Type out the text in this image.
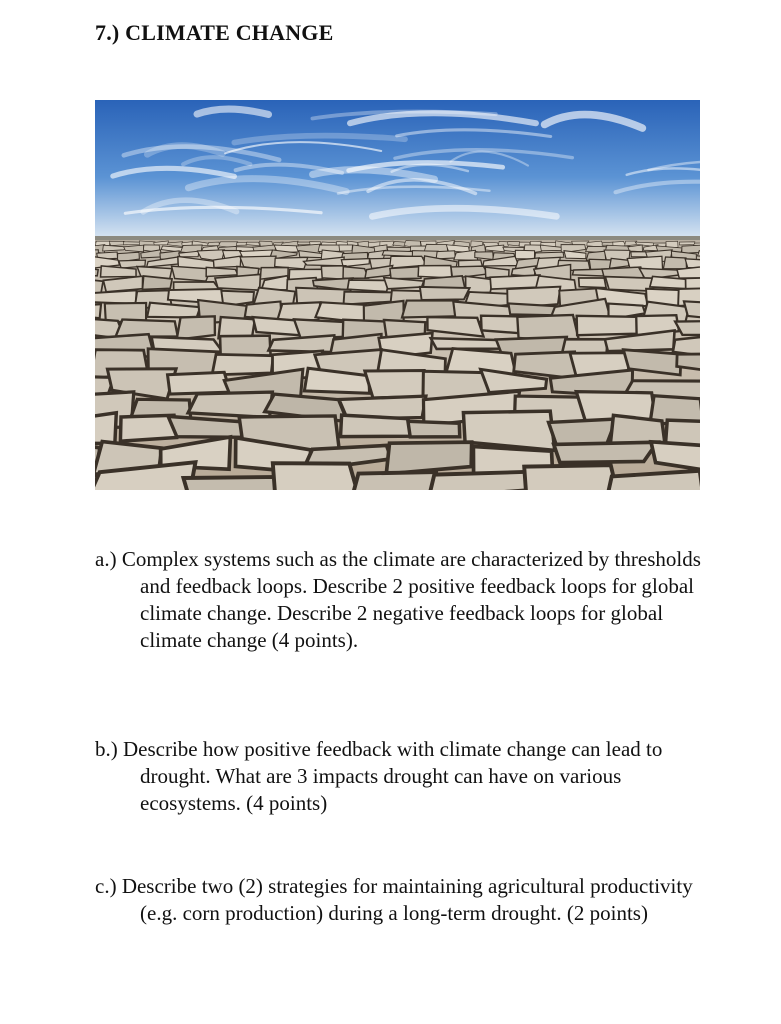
7.) CLIMATE CHANGE
a.) Complex systems such as the climate are characterized by thresholds and feedback loops. Describe 2 positive feedback loops for global climate change. Describe 2 negative feedback loops for global climate change (4 points).
b.) Describe how positive feedback with climate change can lead to drought. What are 3 impacts drought can have on various ecosystems. (4 points)
c.) Describe two (2) strategies for maintaining agricultural productivity (e.g. corn production) during a long-term drought. (2 points)
